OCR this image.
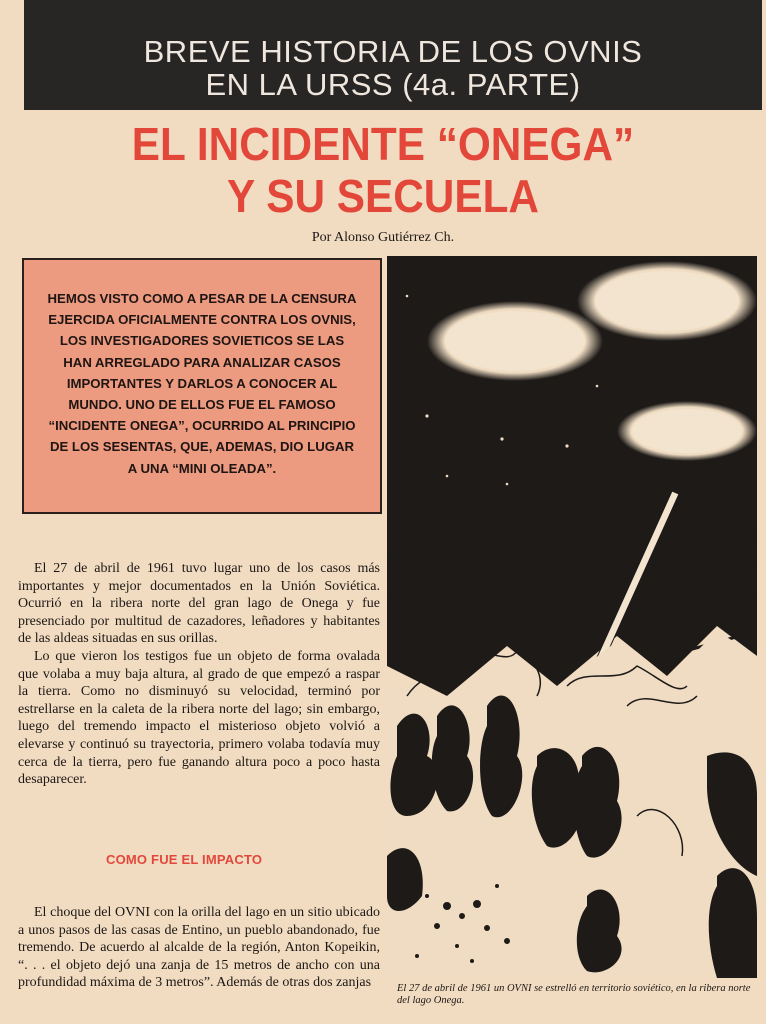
BREVE HISTORIA DE LOS OVNIS
EN LA URSS (4a. PARTE)
EL INCIDENTE “ONEGA”
Y SU SECUELA
Por Alonso Gutiérrez Ch.
HEMOS VISTO COMO A PESAR DE LA CENSURA EJERCIDA OFICIALMENTE CONTRA LOS OVNIS, LOS INVESTIGADORES SOVIETICOS SE LAS HAN ARREGLADO PARA ANALIZAR CASOS IMPORTANTES Y DARLOS A CONOCER AL MUNDO. UNO DE ELLOS FUE EL FAMOSO “INCIDENTE ONEGA”, OCURRIDO AL PRINCIPIO DE LOS SESENTAS, QUE, ADEMAS, DIO LUGAR A UNA “MINI OLEADA”.
El 27 de abril de 1961 un OVNI se estrelló en territorio soviético, en la ribera norte del lago Onega.

El 27 de abril de 1961 tuvo lugar uno de los casos más importantes y mejor documentados en la Unión Soviética. Ocurrió en la ribera norte del gran lago de Onega y fue presenciado por multitud de cazadores, leñadores y habitantes de las aldeas situadas en sus orillas.

Lo que vieron los testigos fue un objeto de forma ovalada que volaba a muy baja altura, al grado de que empezó a raspar la tierra. Como no disminuyó su velocidad, terminó por estrellarse en la caleta de la ribera norte del lago; sin embargo, luego del tremendo impacto el misterioso objeto volvió a elevarse y continuó su trayectoria, primero volaba todavía muy cerca de la tierra, pero fue ganando altura poco a poco hasta desaparecer.

COMO FUE EL IMPACTO

El choque del OVNI con la orilla del lago en un sitio ubicado a unos pasos de las casas de Entino, un pueblo abandonado, fue tremendo. De acuerdo al alcalde de la región, Anton Kopeikin, “. . . el objeto dejó una zanja de 15 metros de ancho con una profundidad máxima de 3 metros”. Además de otras dos zanjas
